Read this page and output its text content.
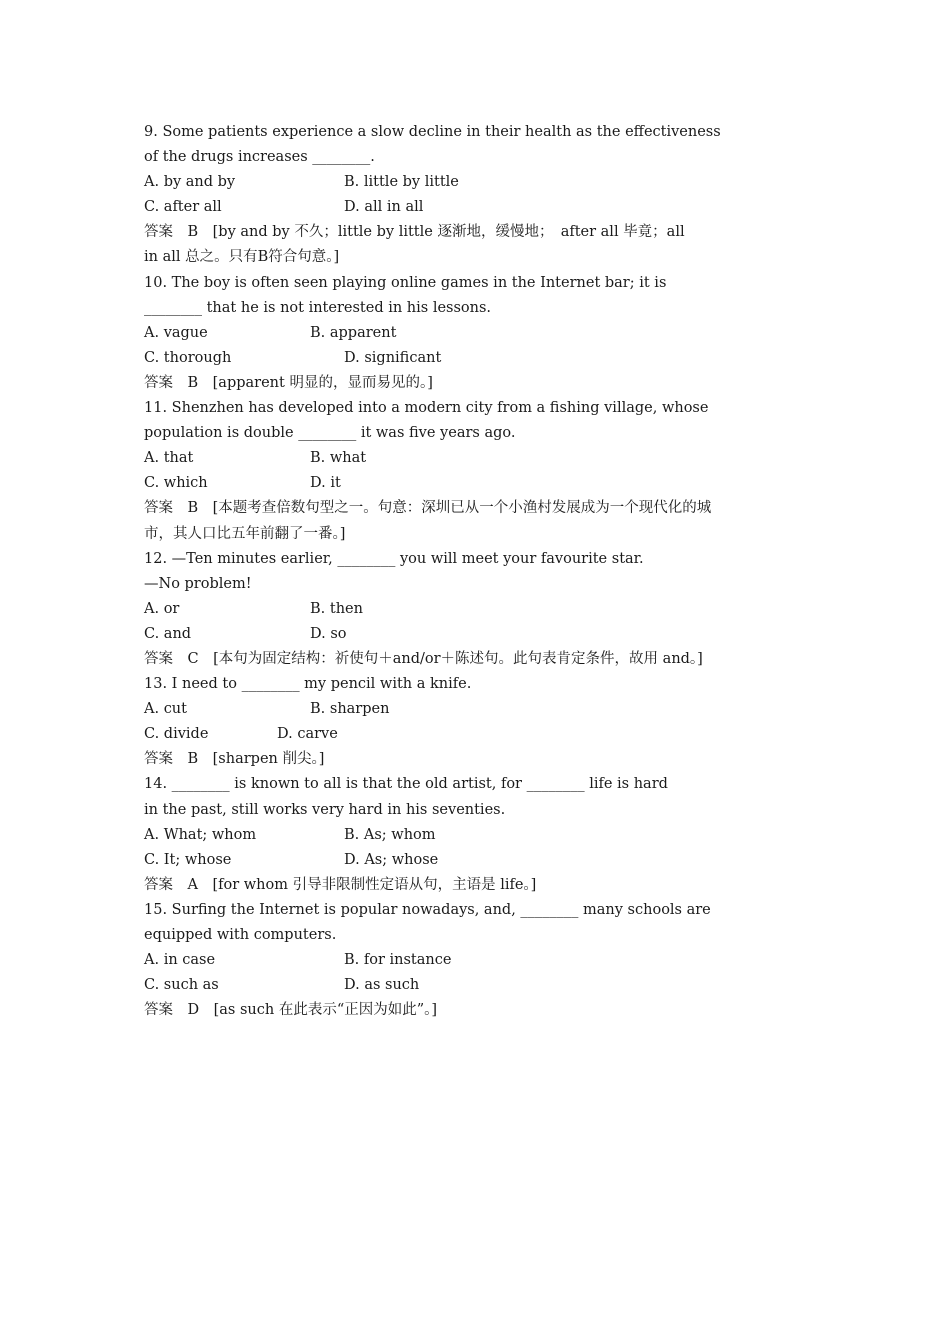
9. Some patients experience a slow decline in their health as the effectiveness
of the drugs increases ________.
A. by and by	B. little by little
C. after all	D. all in all
答案　B　[by and by 不久；little by little 逐渐地，缓慢地；　after all 毕竟；all
in all 总之。只有B符合句意。]
10. The boy is often seen playing online games in the Internet bar; it is
________ that he is not interested in his lessons.
A. vague	B. apparent
C. thorough	D. significant
答案　B　[apparent 明显的，显而易见的。]
11. Shenzhen has developed into a modern city from a fishing village, whose
population is double ________ it was five years ago.
A. that	B. what
C. which	D. it
答案　B　[本题考查倍数句型之一。句意：深圳已从一个小渔村发展成为一个现代化的城
市，其人口比五年前翻了一番。]
12. —Ten minutes earlier, ________ you will meet your favourite star.
—No problem!
A. or	B. then
C. and	D. so
答案　C　[本句为固定结构：祈使句＋and/or＋陈述句。此句表肯定条件，故用 and。]
13. I need to ________ my pencil with a knife.
A. cut	B. sharpen
C. divide	D. carve
答案　B　[sharpen 削尖。]
14. ________ is known to all is that the old artist, for ________ life is hard
in the past, still works very hard in his seventies.
A. What; whom	B. As; whom
C. It; whose	D. As; whose
答案　A　[for whom 引导非限制性定语从句，主语是 life。]
15. Surfing the Internet is popular nowadays, and, ________ many schools are
equipped with computers.
A. in case	B. for instance
C. such as	D. as such
答案　D　[as such 在此表示“正因为如此”。]
